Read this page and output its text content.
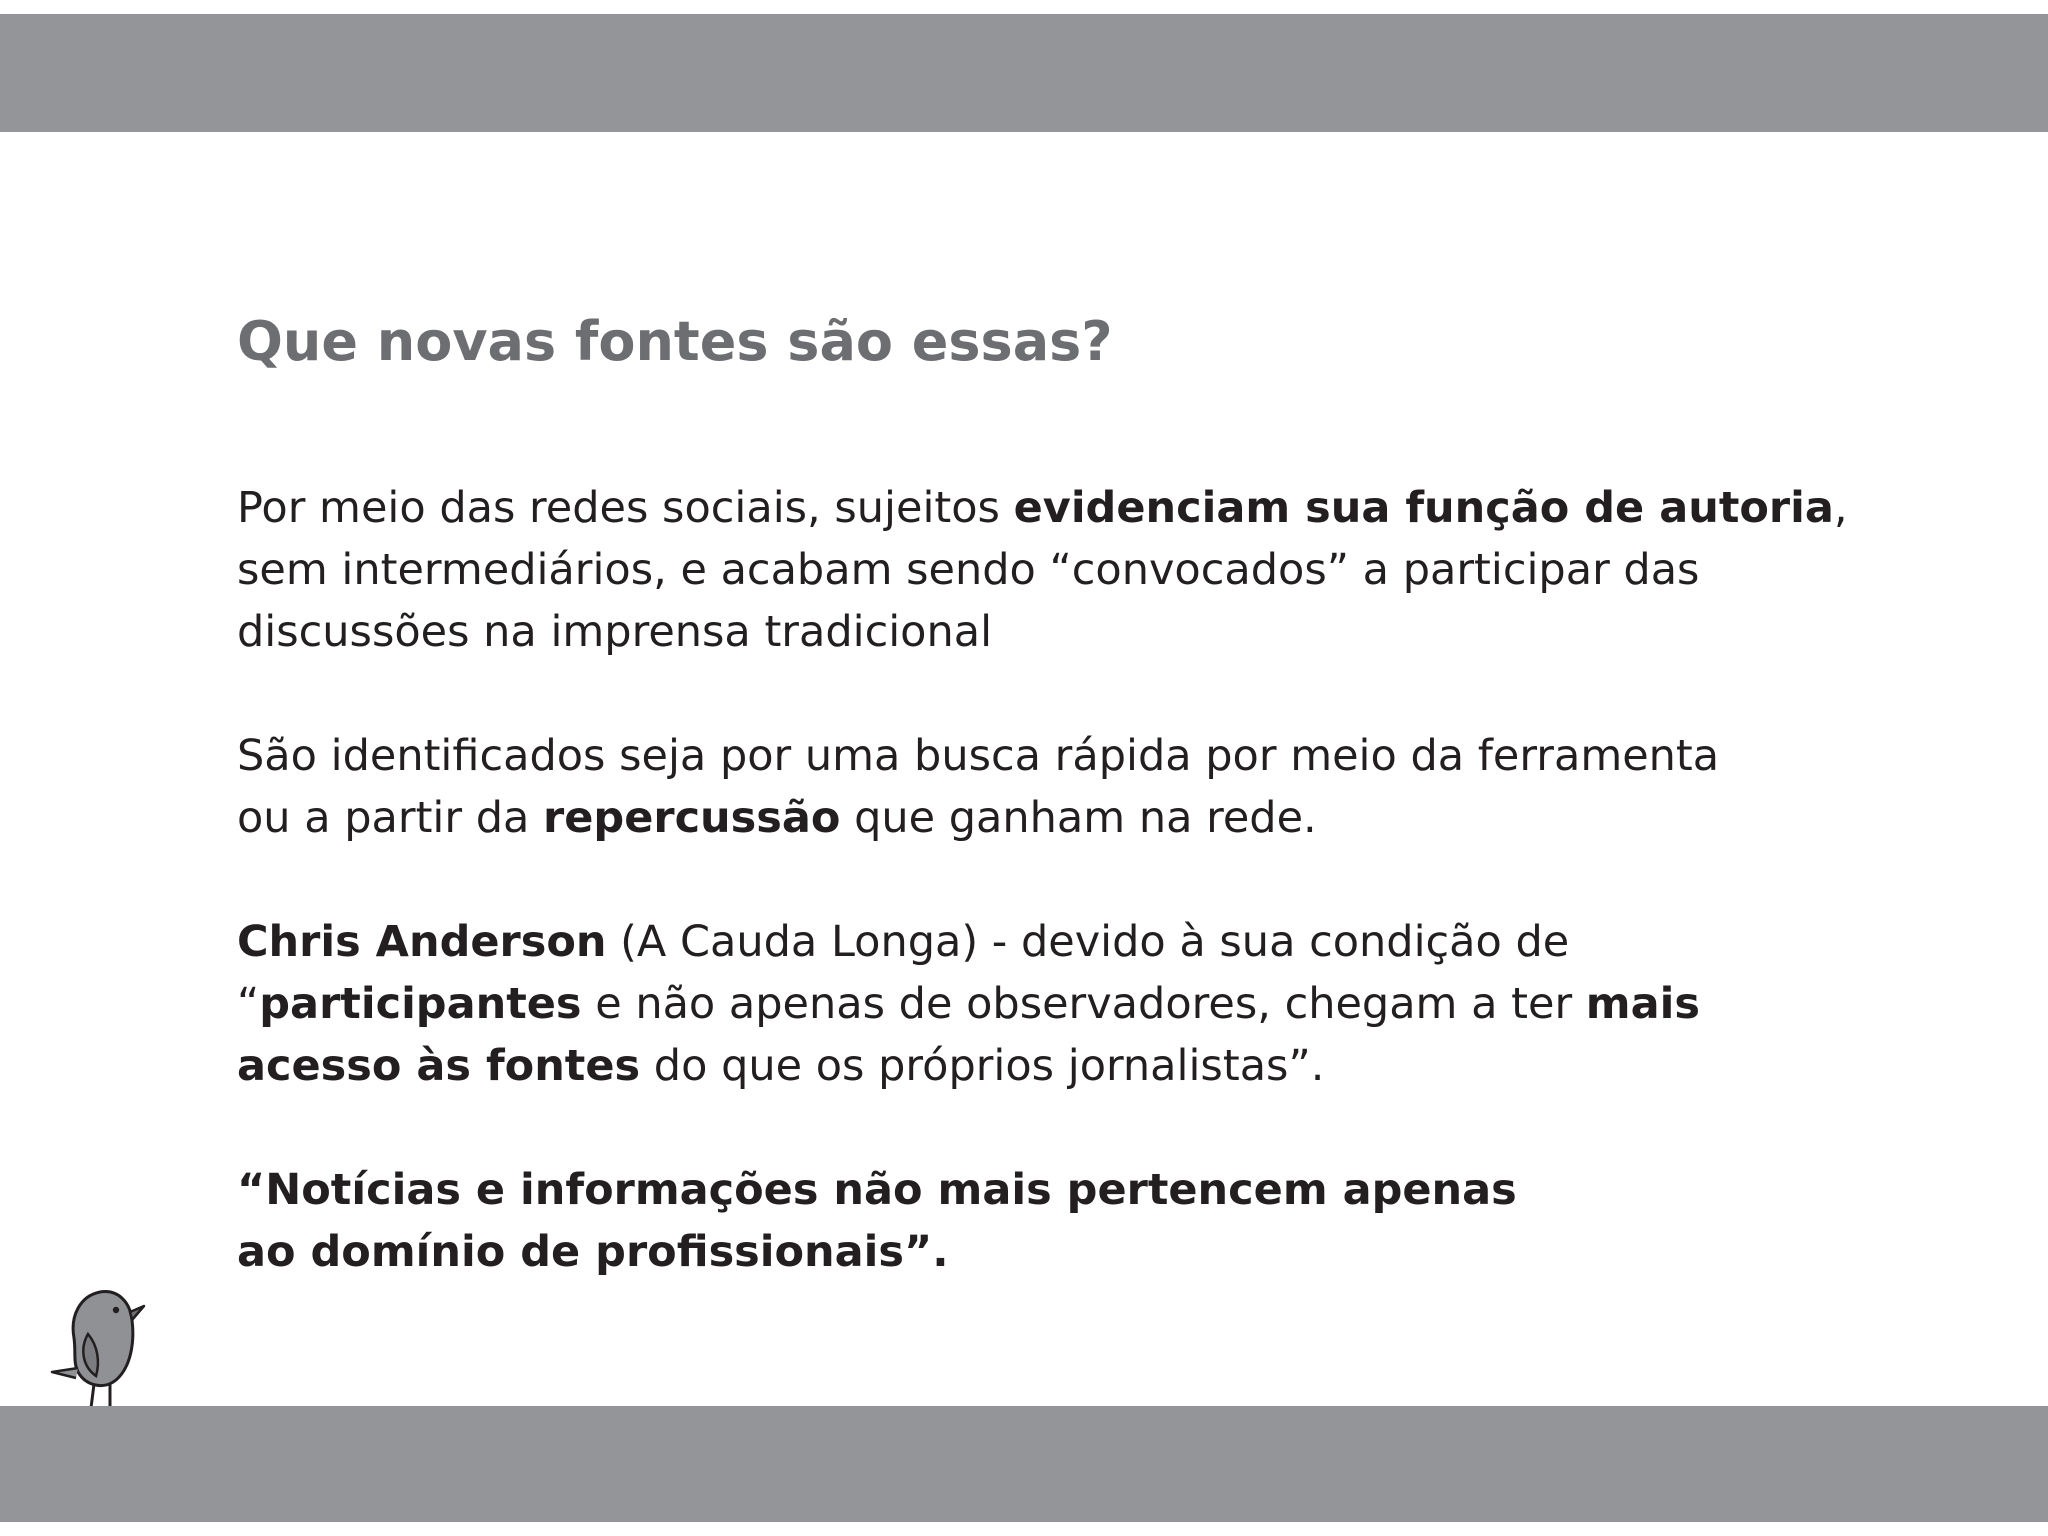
Que novas fontes são essas?

Por meio das redes sociais, sujeitos evidenciam sua função de autoria,
sem intermediários, e acabam sendo “convocados” a participar das
discussões na imprensa tradicional

São identificados seja por uma busca rápida por meio da ferramenta
ou a partir da repercussão que ganham na rede.

Chris Anderson (A Cauda Longa) - devido à sua condição de
“participantes e não apenas de observadores, chegam a ter mais
acesso às fontes do que os próprios jornalistas”.

“Notícias e informações não mais pertencem apenas
ao domínio de profissionais”.
